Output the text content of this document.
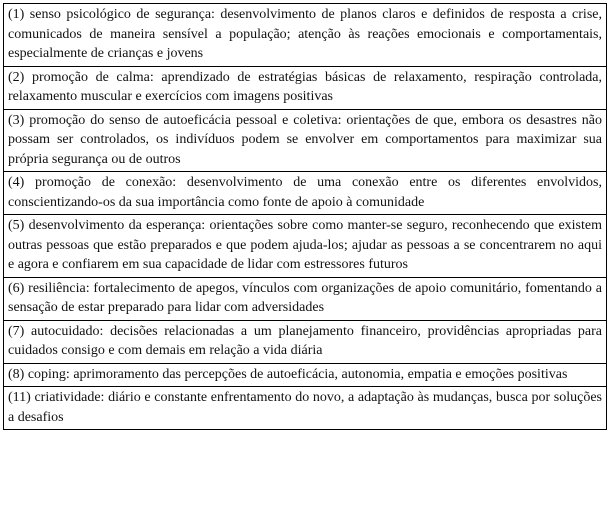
(1) senso psicológico de segurança: desenvolvimento de planos claros e definidos de resposta a crise, comunicados de maneira sensível a população; atenção às reações emocionais e comportamentais, especialmente de crianças e jovens
(2) promoção de calma: aprendizado de estratégias básicas de relaxamento, respiração controlada, relaxamento muscular e exercícios com imagens positivas
(3) promoção do senso de autoeficácia pessoal e coletiva: orientações de que, embora os desastres não possam ser controlados, os indivíduos podem se envolver em comportamentos para maximizar sua própria segurança ou de outros
(4) promoção de conexão: desenvolvimento de uma conexão entre os diferentes envolvidos, conscientizando-os da sua importância como fonte de apoio à comunidade
(5) desenvolvimento da esperança: orientações sobre como manter-se seguro, reconhecendo que existem outras pessoas que estão preparados e que podem ajuda-los; ajudar as pessoas a se concentrarem no aqui e agora e confiarem em sua capacidade de lidar com estressores futuros
(6) resiliência: fortalecimento de apegos, vínculos com organizações de apoio comunitário, fomentando a sensação de estar preparado para lidar com adversidades
(7) autocuidado: decisões relacionadas a um planejamento financeiro, providências apropriadas para cuidados consigo e com demais em relação a vida diária
(8) coping: aprimoramento das percepções de autoeficácia, autonomia, empatia e emoções positivas
(11) criatividade: diário e constante enfrentamento do novo, a adaptação às mudanças, busca por soluções a desafios
